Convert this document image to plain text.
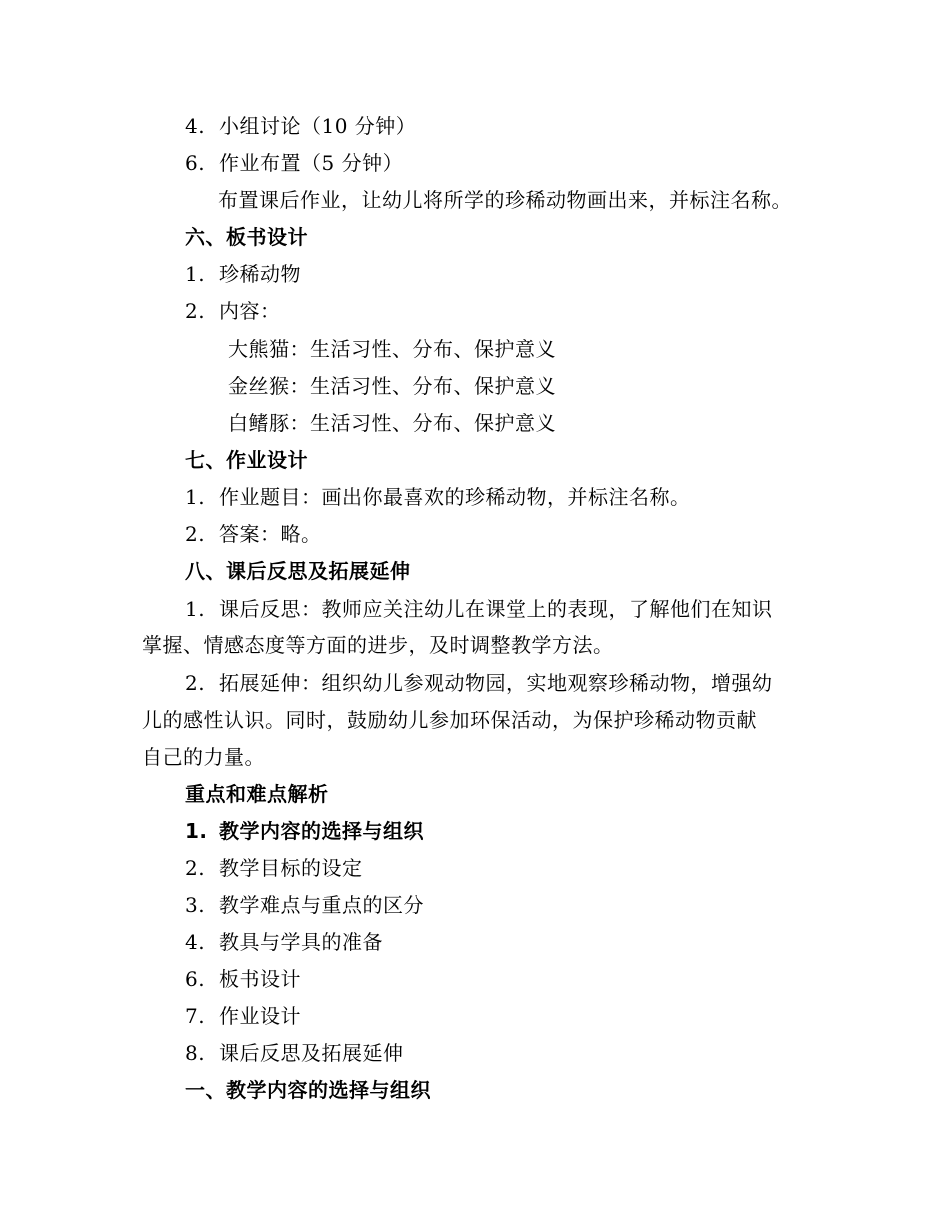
4. 小组讨论（10 分钟）
6. 作业布置（5 分钟）
布置课后作业，让幼儿将所学的珍稀动物画出来，并标注名称。
六、板书设计
1. 珍稀动物
2. 内容：
大熊猫：生活习性、分布、保护意义
金丝猴：生活习性、分布、保护意义
白鳍豚：生活习性、分布、保护意义
七、作业设计
1. 作业题目：画出你最喜欢的珍稀动物，并标注名称。
2. 答案：略。
八、课后反思及拓展延伸
1. 课后反思：教师应关注幼儿在课堂上的表现，了解他们在知识
掌握、情感态度等方面的进步，及时调整教学方法。
2. 拓展延伸：组织幼儿参观动物园，实地观察珍稀动物，增强幼
儿的感性认识。同时，鼓励幼儿参加环保活动，为保护珍稀动物贡献
自己的力量。
重点和难点解析
1. 教学内容的选择与组织
2. 教学目标的设定
3. 教学难点与重点的区分
4. 教具与学具的准备
6. 板书设计
7. 作业设计
8. 课后反思及拓展延伸
一、教学内容的选择与组织
